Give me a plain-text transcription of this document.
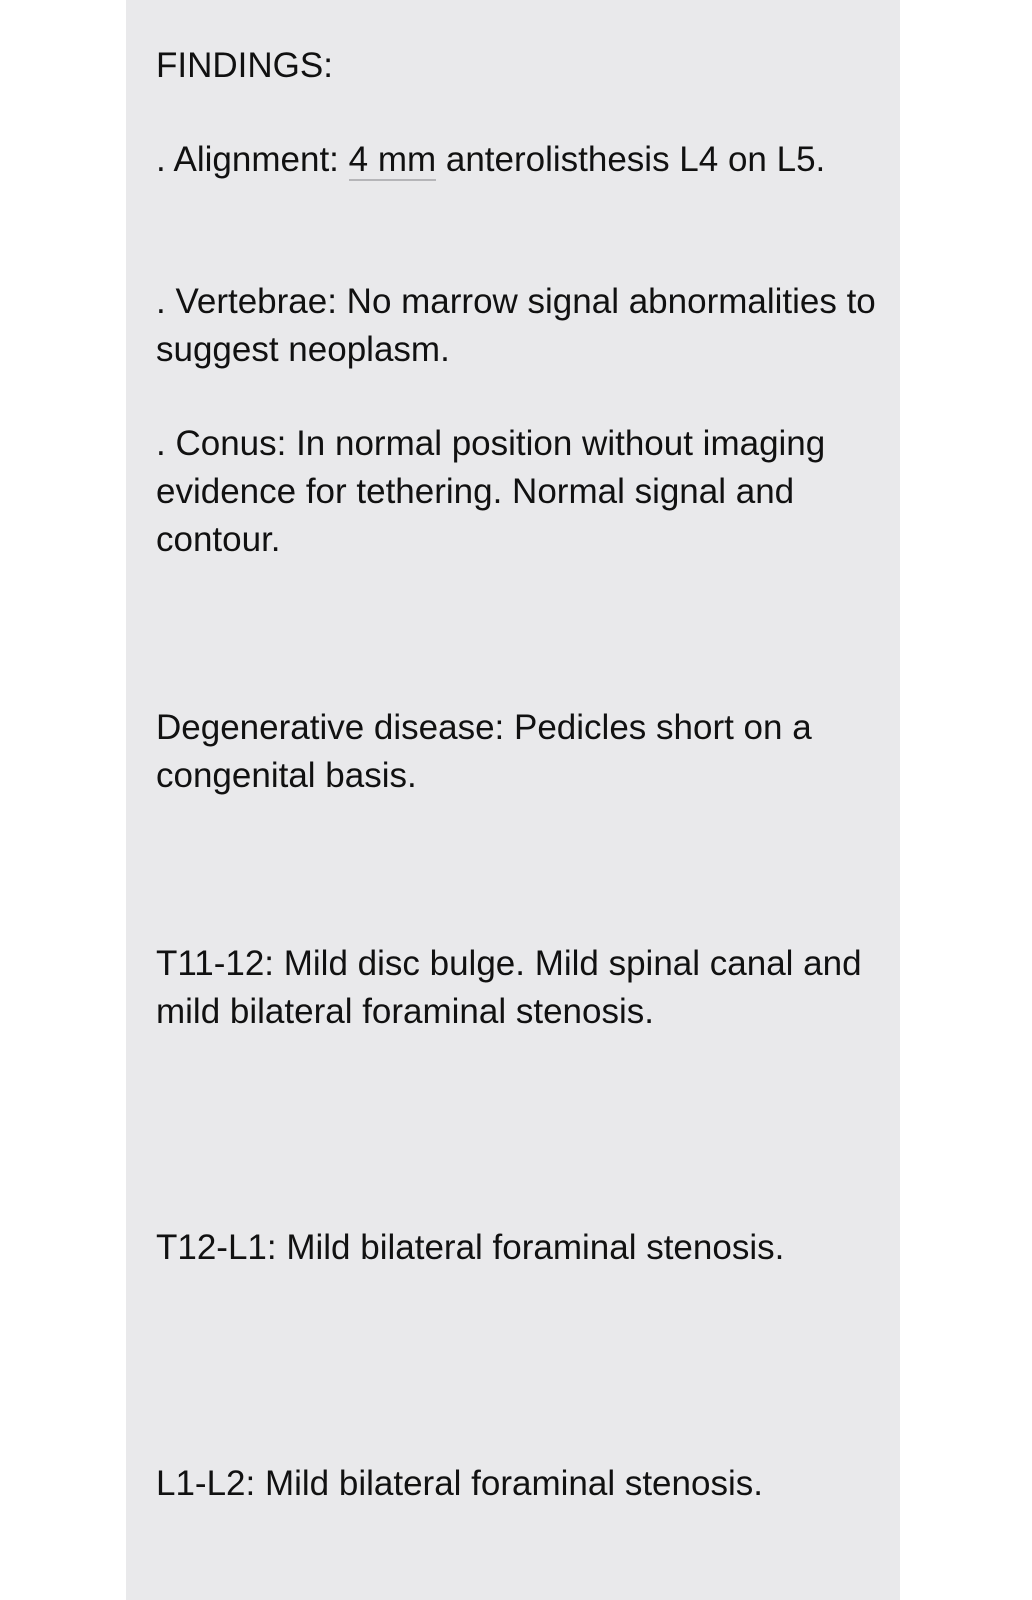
FINDINGS:

. Alignment: 4 mm anterolisthesis L4 on L5.

. Vertebrae: No marrow signal abnormalities to suggest neoplasm.

. Conus: In normal position without imaging evidence for tethering. Normal signal and contour.

Degenerative disease: Pedicles short on a congenital basis.

T11-12: Mild disc bulge. Mild spinal canal and mild bilateral foraminal stenosis.

T12-L1: Mild bilateral foraminal stenosis.

L1-L2: Mild bilateral foraminal stenosis.
